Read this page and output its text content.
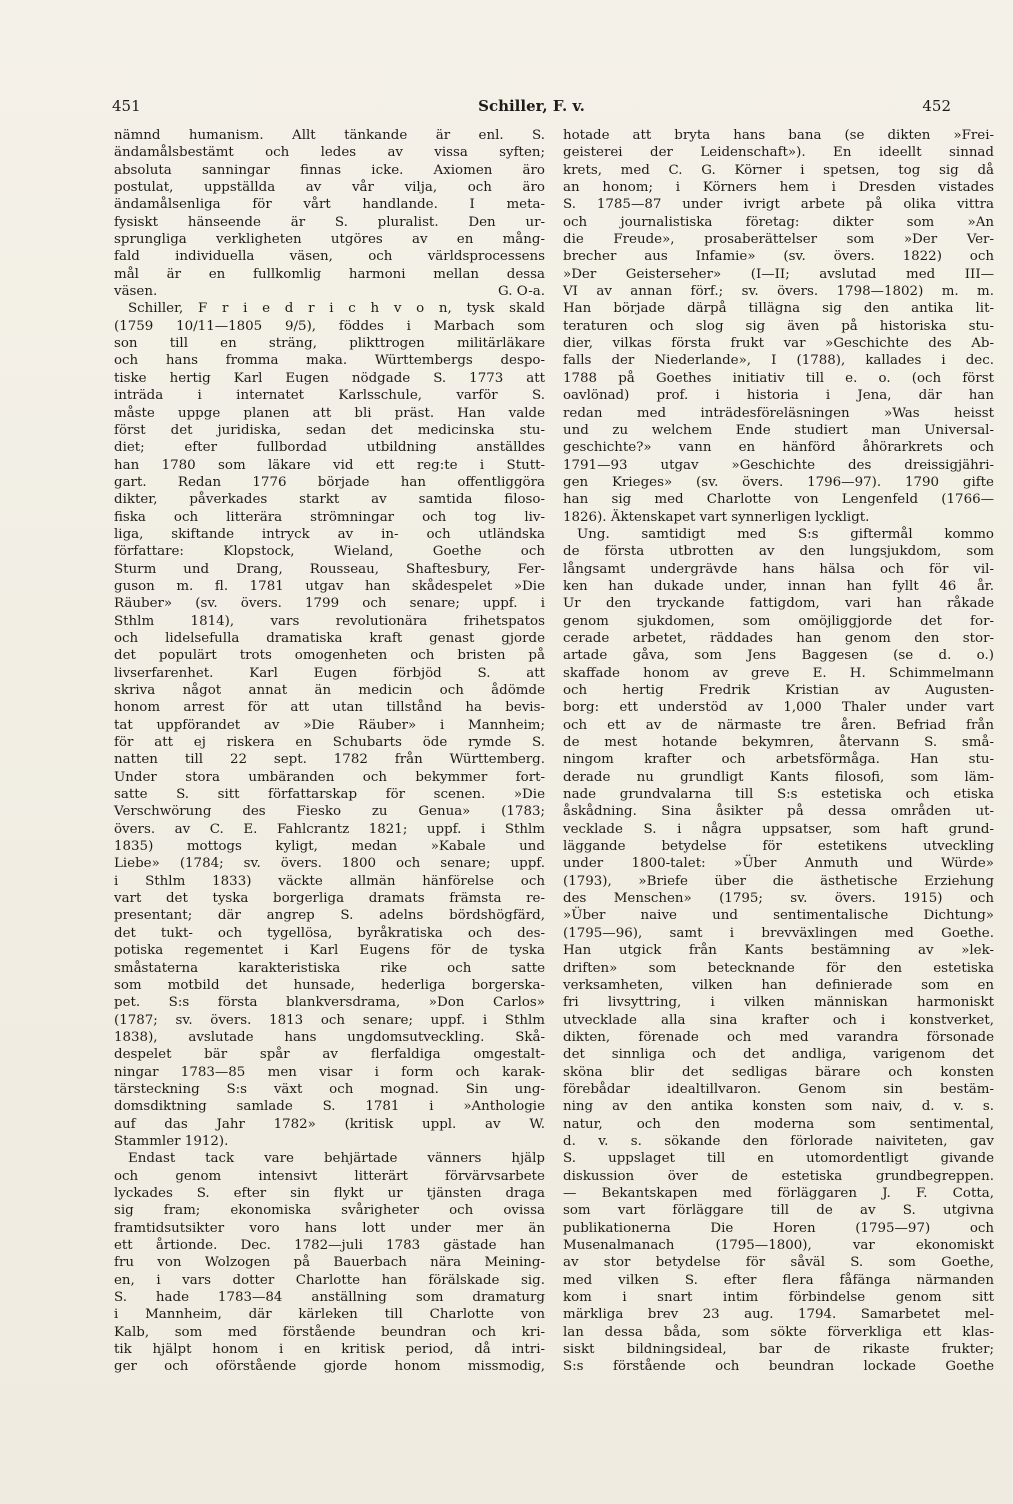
451	Schiller, F. v.	452
nämnd humanism. Allt tänkande är enl. S.
ändamålsbestämt och ledes av vissa syften;
absoluta sanningar finnas icke. Axiomen äro
postulat, uppställda av vår vilja, och äro
ändamålsenliga för vårt handlande. I meta-
fysiskt hänseende är S. pluralist. Den ur-
sprungliga verkligheten utgöres av en mång-
fald individuella väsen, och världsprocessens
mål är en fullkomlig harmoni mellan dessa
väsen.	G. O-a.
Schiller, F r i e d r i c h v o n, tysk skald
(1759 10/11—1805 9/5), föddes i Marbach som
son till en sträng, plikttrogen militärläkare
och hans fromma maka. Württembergs despo-
tiske hertig Karl Eugen nödgade S. 1773 att
inträda i internatet Karlsschule, varför S.
måste uppge planen att bli präst. Han valde
först det juridiska, sedan det medicinska stu-
diet; efter fullbordad utbildning anställdes
han 1780 som läkare vid ett reg:te i Stutt-
gart. Redan 1776 började han offentliggöra
dikter, påverkades starkt av samtida filoso-
fiska och litterära strömningar och tog liv-
liga, skiftande intryck av in- och utländska
författare: Klopstock, Wieland, Goethe och
Sturm und Drang, Rousseau, Shaftesbury, Fer-
guson m. fl. 1781 utgav han skådespelet »Die
Räuber» (sv. övers. 1799 och senare; uppf. i
Sthlm 1814), vars revolutionära frihetspatos
och lidelsefulla dramatiska kraft genast gjorde
det populärt trots omogenheten och bristen på
livserfarenhet. Karl Eugen förbjöd S. att
skriva något annat än medicin och ådömde
honom arrest för att utan tillstånd ha bevis-
tat uppförandet av »Die Räuber» i Mannheim;
för att ej riskera en Schubarts öde rymde S.
natten till 22 sept. 1782 från Württemberg.
Under stora umbäranden och bekymmer fort-
satte S. sitt författarskap för scenen. »Die
Verschwörung des Fiesko zu Genua» (1783;
övers. av C. E. Fahlcrantz 1821; uppf. i Sthlm
1835) mottogs kyligt, medan »Kabale und
Liebe» (1784; sv. övers. 1800 och senare; uppf.
i Sthlm 1833) väckte allmän hänförelse och
vart det tyska borgerliga dramats främsta re-
presentant; där angrep S. adelns bördshögfärd,
det tukt- och tygellösa, byråkratiska och des-
potiska regementet i Karl Eugens för de tyska
småstaterna karakteristiska rike och satte
som motbild det hunsade, hederliga borgerska-
pet. S:s första blankversdrama, »Don Carlos»
(1787; sv. övers. 1813 och senare; uppf. i Sthlm
1838), avslutade hans ungdomsutveckling. Skå-
despelet bär spår av flerfaldiga omgestalt-
ningar 1783—85 men visar i form och karak-
tärsteckning S:s växt och mognad. Sin ung-
domsdiktning samlade S. 1781 i »Anthologie
auf das Jahr 1782» (kritisk uppl. av W.
Stammler 1912).
Endast tack vare behjärtade vänners hjälp
och genom intensivt litterärt förvärvsarbete
lyckades S. efter sin flykt ur tjänsten draga
sig fram; ekonomiska svårigheter och ovissa
framtidsutsikter voro hans lott under mer än
ett årtionde. Dec. 1782—juli 1783 gästade han
fru von Wolzogen på Bauerbach nära Meining-
en, i vars dotter Charlotte han förälskade sig.
S. hade 1783—84 anställning som dramaturg
i Mannheim, där kärleken till Charlotte von
Kalb, som med förstående beundran och kri-
tik hjälpt honom i en kritisk period, då intri-
ger och oförstående gjorde honom missmodig,
hotade att bryta hans bana (se dikten »Frei-
geisterei der Leidenschaft»). En ideellt sinnad
krets, med C. G. Körner i spetsen, tog sig då
an honom; i Körners hem i Dresden vistades
S. 1785—87 under ivrigt arbete på olika vittra
och journalistiska företag: dikter som »An
die Freude», prosaberättelser som »Der Ver-
brecher aus Infamie» (sv. övers. 1822) och
»Der Geisterseher» (I—II; avslutad med III—
VI av annan förf.; sv. övers. 1798—1802) m. m.
Han började därpå tillägna sig den antika lit-
teraturen och slog sig även på historiska stu-
dier, vilkas första frukt var »Geschichte des Ab-
falls der Niederlande», I (1788), kallades i dec.
1788 på Goethes initiativ till e. o. (och först
oavlönad) prof. i historia i Jena, där han
redan med inträdesföreläsningen »Was heisst
und zu welchem Ende studiert man Universal-
geschichte?» vann en hänförd åhörarkrets och
1791—93 utgav »Geschichte des dreissigjähri-
gen Krieges» (sv. övers. 1796—97). 1790 gifte
han sig med Charlotte von Lengenfeld (1766—
1826). Äktenskapet vart synnerligen lyckligt.
Ung. samtidigt med S:s giftermål kommo
de första utbrotten av den lungsjukdom, som
långsamt undergrävde hans hälsa och för vil-
ken han dukade under, innan han fyllt 46 år.
Ur den tryckande fattigdom, vari han råkade
genom sjukdomen, som omöjliggjorde det for-
cerade arbetet, räddades han genom den stor-
artade gåva, som Jens Baggesen (se d. o.)
skaffade honom av greve E. H. Schimmelmann
och hertig Fredrik Kristian av Augusten-
borg: ett understöd av 1,000 Thaler under vart
och ett av de närmaste tre åren. Befriad från
de mest hotande bekymren, återvann S. små-
ningom krafter och arbetsförmåga. Han stu-
derade nu grundligt Kants filosofi, som läm-
nade grundvalarna till S:s estetiska och etiska
åskådning. Sina åsikter på dessa områden ut-
vecklade S. i några uppsatser, som haft grund-
läggande betydelse för estetikens utveckling
under 1800-talet: »Über Anmuth und Würde»
(1793), »Briefe über die ästhetische Erziehung
des Menschen» (1795; sv. övers. 1915) och
»Über naive und sentimentalische Dichtung»
(1795—96), samt i brevväxlingen med Goethe.
Han utgick från Kants bestämning av »lek-
driften» som betecknande för den estetiska
verksamheten, vilken han definierade som en
fri livsyttring, i vilken människan harmoniskt
utvecklade alla sina krafter och i konstverket,
dikten, förenade och med varandra försonade
det sinnliga och det andliga, varigenom det
sköna blir det sedligas bärare och konsten
förebådar idealtillvaron. Genom sin bestäm-
ning av den antika konsten som naiv, d. v. s.
natur, och den moderna som sentimental,
d. v. s. sökande den förlorade naiviteten, gav
S. uppslaget till en utomordentligt givande
diskussion över de estetiska grundbegreppen.
— Bekantskapen med förläggaren J. F. Cotta,
som vart förläggare till de av S. utgivna
publikationerna Die Horen (1795—97) och
Musenalmanach (1795—1800), var ekonomiskt
av stor betydelse för såväl S. som Goethe,
med vilken S. efter flera fåfänga närmanden
kom i snart intim förbindelse genom sitt
märkliga brev 23 aug. 1794. Samarbetet mel-
lan dessa båda, som sökte förverkliga ett klas-
siskt bildningsideal, bar de rikaste frukter;
S:s förstående och beundran lockade Goethe
